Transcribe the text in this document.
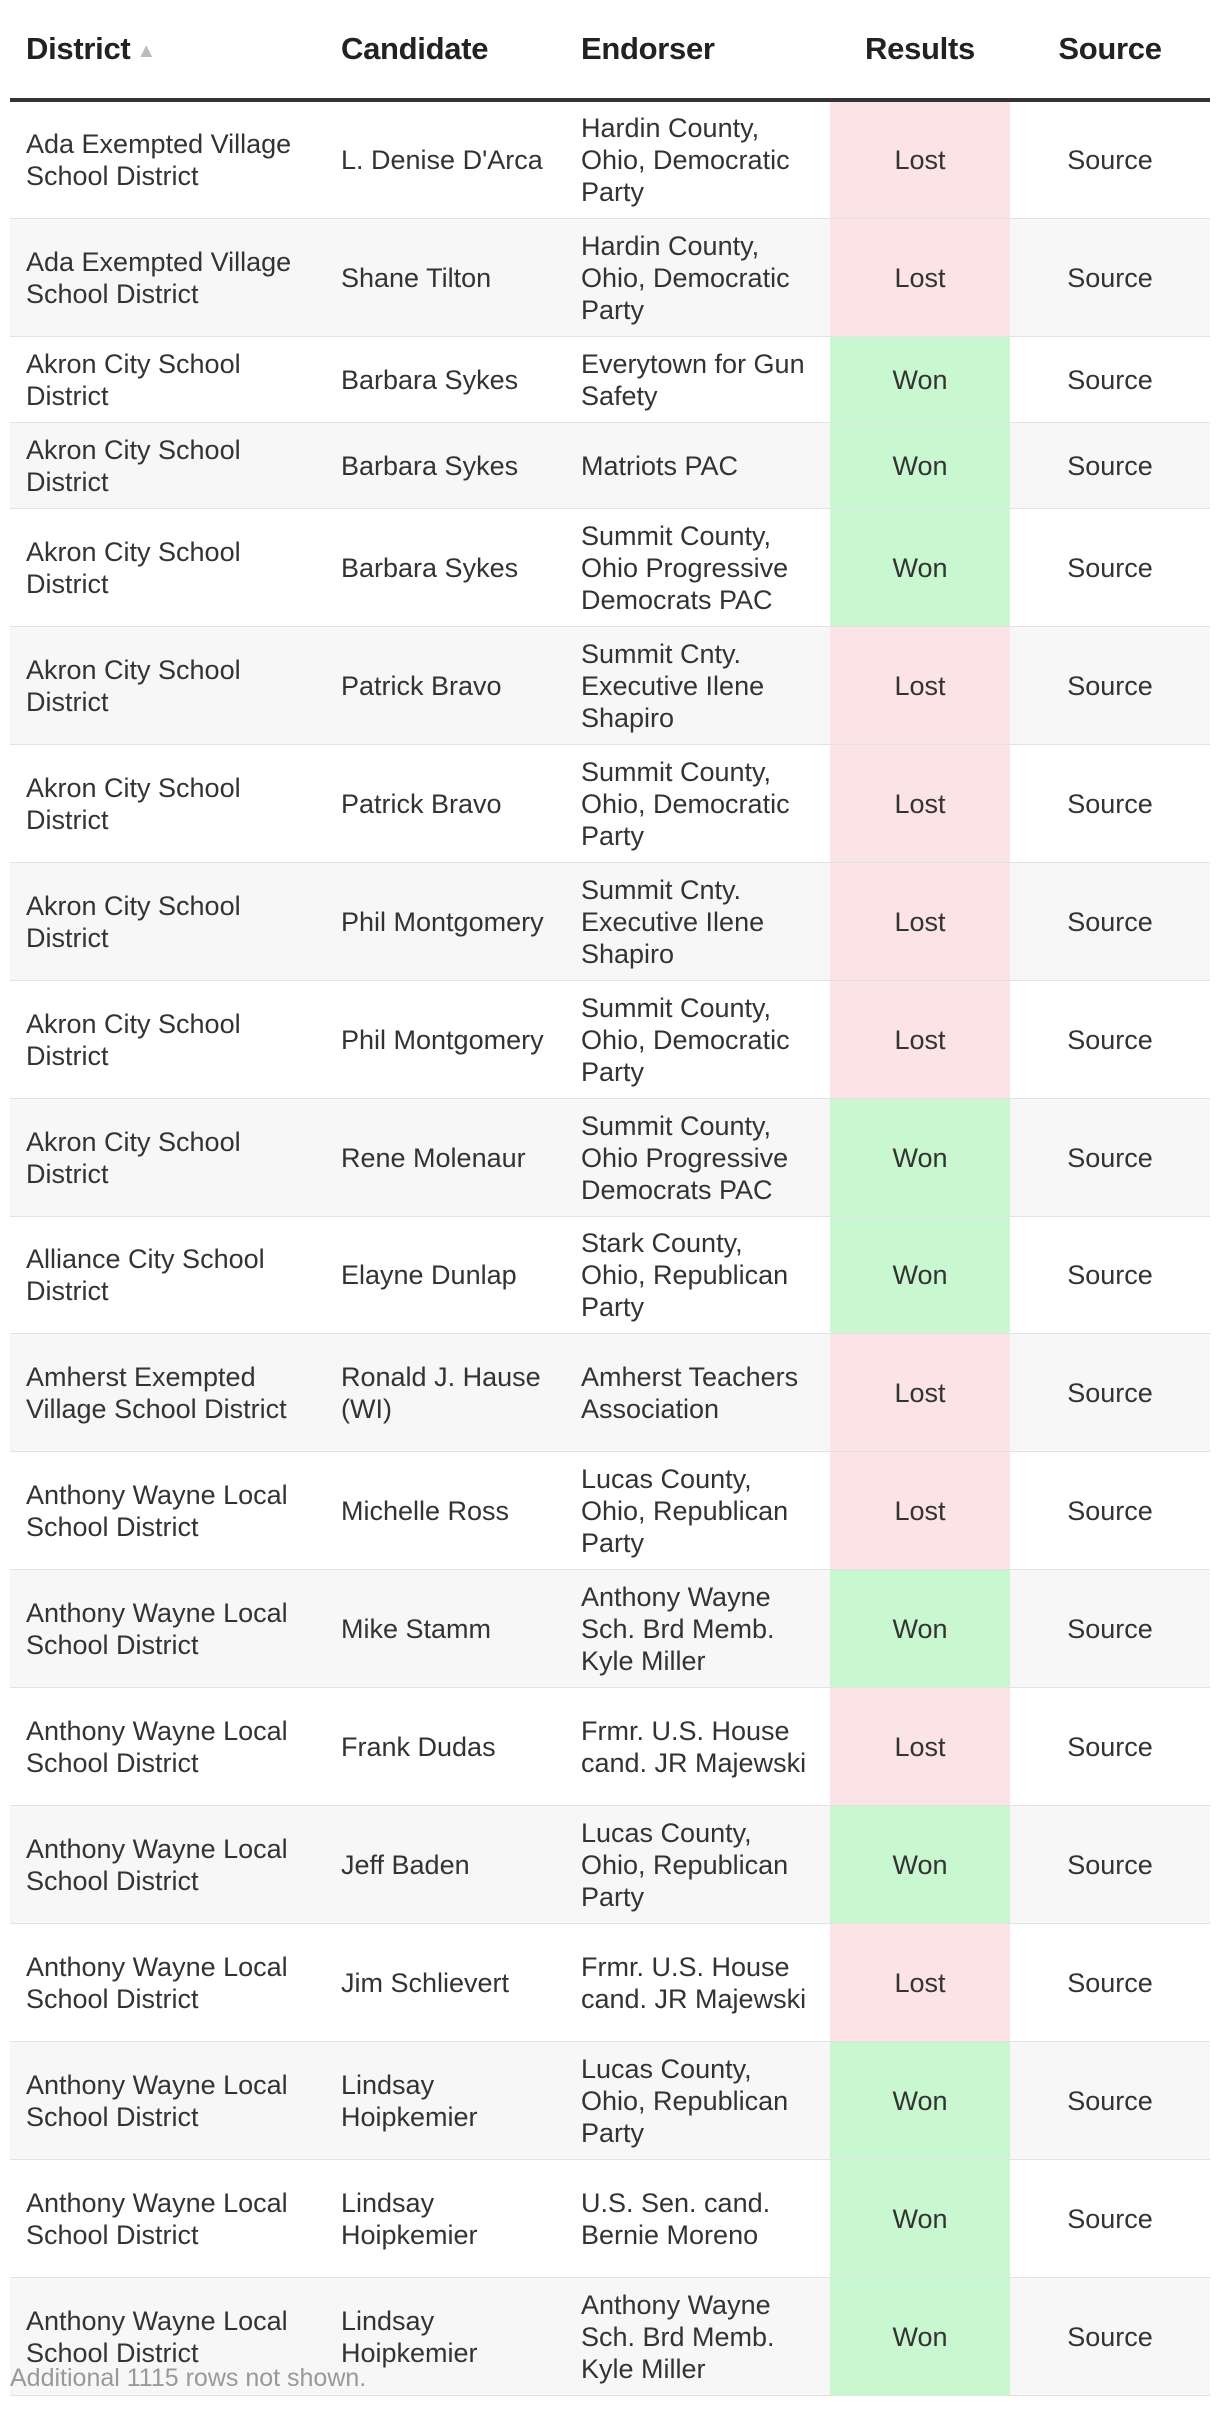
District ▲	Candidate	Endorser	Results	Source
Ada Exempted Village School District	L. Denise D'Arca	Hardin County, Ohio, Democratic Party	Lost	Source
Ada Exempted Village School District	Shane Tilton	Hardin County, Ohio, Democratic Party	Lost	Source
Akron City School District	Barbara Sykes	Everytown for Gun Safety	Won	Source
Akron City School District	Barbara Sykes	Matriots PAC	Won	Source
Akron City School District	Barbara Sykes	Summit County, Ohio Progressive Democrats PAC	Won	Source
Akron City School District	Patrick Bravo	Summit Cnty. Executive Ilene Shapiro	Lost	Source
Akron City School District	Patrick Bravo	Summit County, Ohio, Democratic Party	Lost	Source
Akron City School District	Phil Montgomery	Summit Cnty. Executive Ilene Shapiro	Lost	Source
Akron City School District	Phil Montgomery	Summit County, Ohio, Democratic Party	Lost	Source
Akron City School District	Rene Molenaur	Summit County, Ohio Progressive Democrats PAC	Won	Source
Alliance City School District	Elayne Dunlap	Stark County, Ohio, Republican Party	Won	Source
Amherst Exempted Village School District	Ronald J. Hause (WI)	Amherst Teachers Association	Lost	Source
Anthony Wayne Local School District	Michelle Ross	Lucas County, Ohio, Republican Party	Lost	Source
Anthony Wayne Local School District	Mike Stamm	Anthony Wayne Sch. Brd Memb. Kyle Miller	Won	Source
Anthony Wayne Local School District	Frank Dudas	Frmr. U.S. House cand. JR Majewski	Lost	Source
Anthony Wayne Local School District	Jeff Baden	Lucas County, Ohio, Republican Party	Won	Source
Anthony Wayne Local School District	Jim Schlievert	Frmr. U.S. House cand. JR Majewski	Lost	Source
Anthony Wayne Local School District	Lindsay Hoipkemier	Lucas County, Ohio, Republican Party	Won	Source
Anthony Wayne Local School District	Lindsay Hoipkemier	U.S. Sen. cand. Bernie Moreno	Won	Source
Anthony Wayne Local School District	Lindsay Hoipkemier	Anthony Wayne Sch. Brd Memb. Kyle Miller	Won	Source
Additional 1115 rows not shown.
